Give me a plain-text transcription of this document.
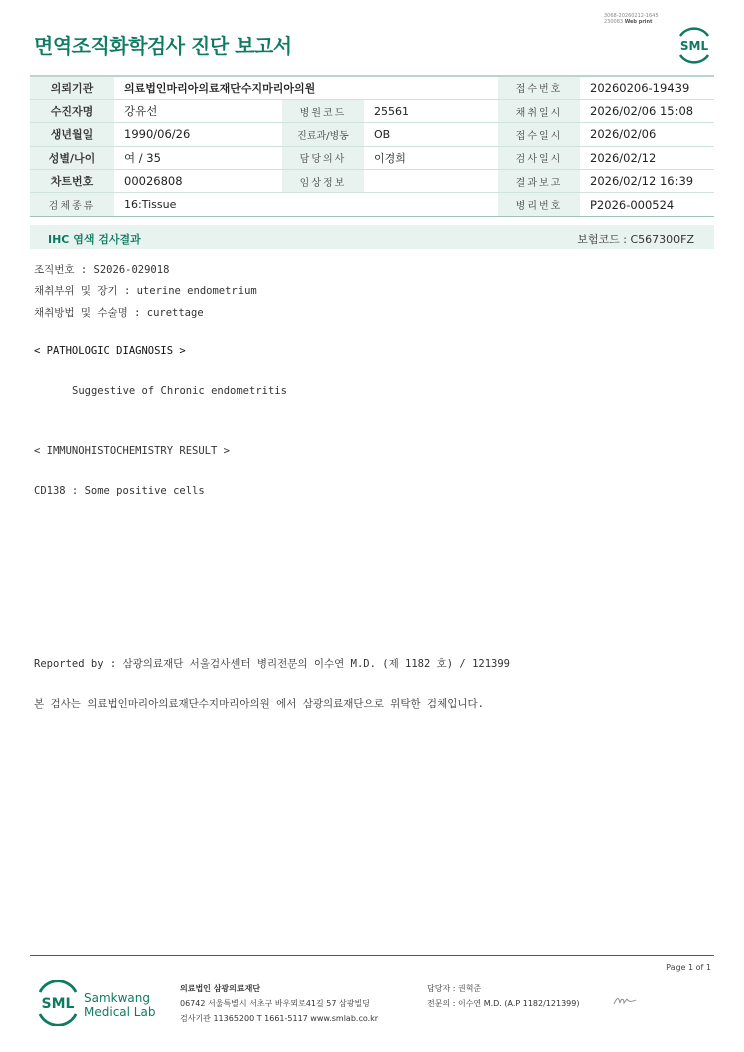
3068-20260212-1645
230083 Web print
면역조직화학검사 진단 보고서	SML
의뢰기관	의료법인마리아의료재단수지마리아의원			접수번호	20260206-19439
수진자명	강유선	병원코드	25561	채취일시	2026/02/06 15:08
생년월일	1990/06/26	진료과/병동	OB	접수일시	2026/02/06
성별/나이	여 / 35	담당의사	이경희	검사일시	2026/02/12
차트번호	00026808	임상정보		결과보고	2026/02/12 16:39
검체종류	16:Tissue			병리번호	P2026-000524
IHC 염색 검사결과	보험코드 : C567300FZ
조직번호 : S2026-029018
채취부위 및 장기 : uterine endometrium
채취방법 및 수술명 : curettage
< PATHOLOGIC DIAGNOSIS >
Suggestive of Chronic endometritis
< IMMUNOHISTOCHEMISTRY RESULT >
CD138 : Some positive cells
Reported by : 삼광의료재단 서울검사센터 병리전문의 이수연 M.D. (제 1182 호) / 121399
본 검사는 의료법인마리아의료재단수지마리아의원 에서 삼광의료재단으로 위탁한 검체입니다.
Page 1 of 1
SML Samkwang
Medical Lab
의료법인 삼광의료재단
06742 서울특별시 서초구 바우뫼로41길 57 삼광빌딩
검사기관 11365200 T 1661-5117 www.smlab.co.kr
담당자 : 권혁준
전문의 : 이수연 M.D. (A.P 1182/121399)
